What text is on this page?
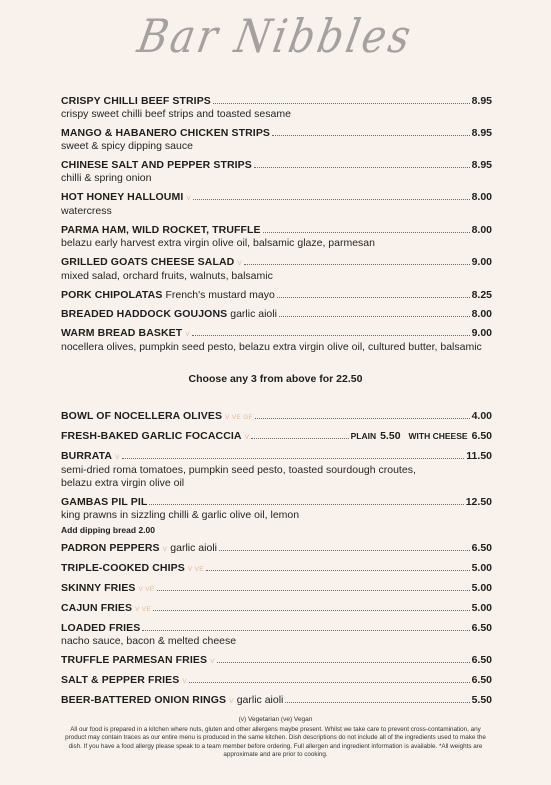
Bar Nibbles
CRISPY CHILLI BEEF STRIPS	8.95
crispy sweet chilli beef strips and toasted sesame
MANGO & HABANERO CHICKEN STRIPS	8.95
sweet & spicy dipping sauce
CHINESE SALT AND PEPPER STRIPS	8.95
chilli & spring onion
HOT HONEY HALLOUMI V	8.00
watercress
PARMA HAM, WILD ROCKET, TRUFFLE	8.00
belazu early harvest extra virgin olive oil, balsamic glaze, parmesan
GRILLED GOATS CHEESE SALAD V	9.00
mixed salad, orchard fruits, walnuts, balsamic
PORK CHIPOLATAS French's mustard mayo	8.25
BREADED HADDOCK GOUJONS garlic aioli	8.00
WARM BREAD BASKET V	9.00
nocellera olives, pumpkin seed pesto, belazu extra virgin olive oil, cultured butter, balsamic
Choose any 3 from above for 22.50
BOWL OF NOCELLERA OLIVES V VE GF	4.00
FRESH-BAKED GARLIC FOCACCIA V	PLAIN 5.50 WITH CHEESE 6.50
BURRATA V	11.50
semi-dried roma tomatoes, pumpkin seed pesto, toasted sourdough croutes,
belazu extra virgin olive oil
GAMBAS PIL PIL	12.50
king prawns in sizzling chilli & garlic olive oil, lemon
Add dipping bread 2.00
PADRON PEPPERS V garlic aioli	6.50
TRIPLE-COOKED CHIPS V VE	5.00
SKINNY FRIES V VE	5.00
CAJUN FRIES V VE	5.00
LOADED FRIES	6.50
nacho sauce, bacon & melted cheese
TRUFFLE PARMESAN FRIES V	6.50
SALT & PEPPER FRIES V	6.50
BEER-BATTERED ONION RINGS V garlic aioli	5.50
(v) Vegetarian (ve) Vegan
All our food is prepared in a kitchen where nuts, gluten and other allergens maybe present. Whilst we take care to prevent cross-contamination, any product may contain traces as our entire menu is produced in the same kitchen. Dish descriptions do not include all of the ingredients used to make the dish. If you have a food allergy please speak to a team member before ordering. Full allergen and ingredient information is available. *All weights are approximate and are prior to cooking.
